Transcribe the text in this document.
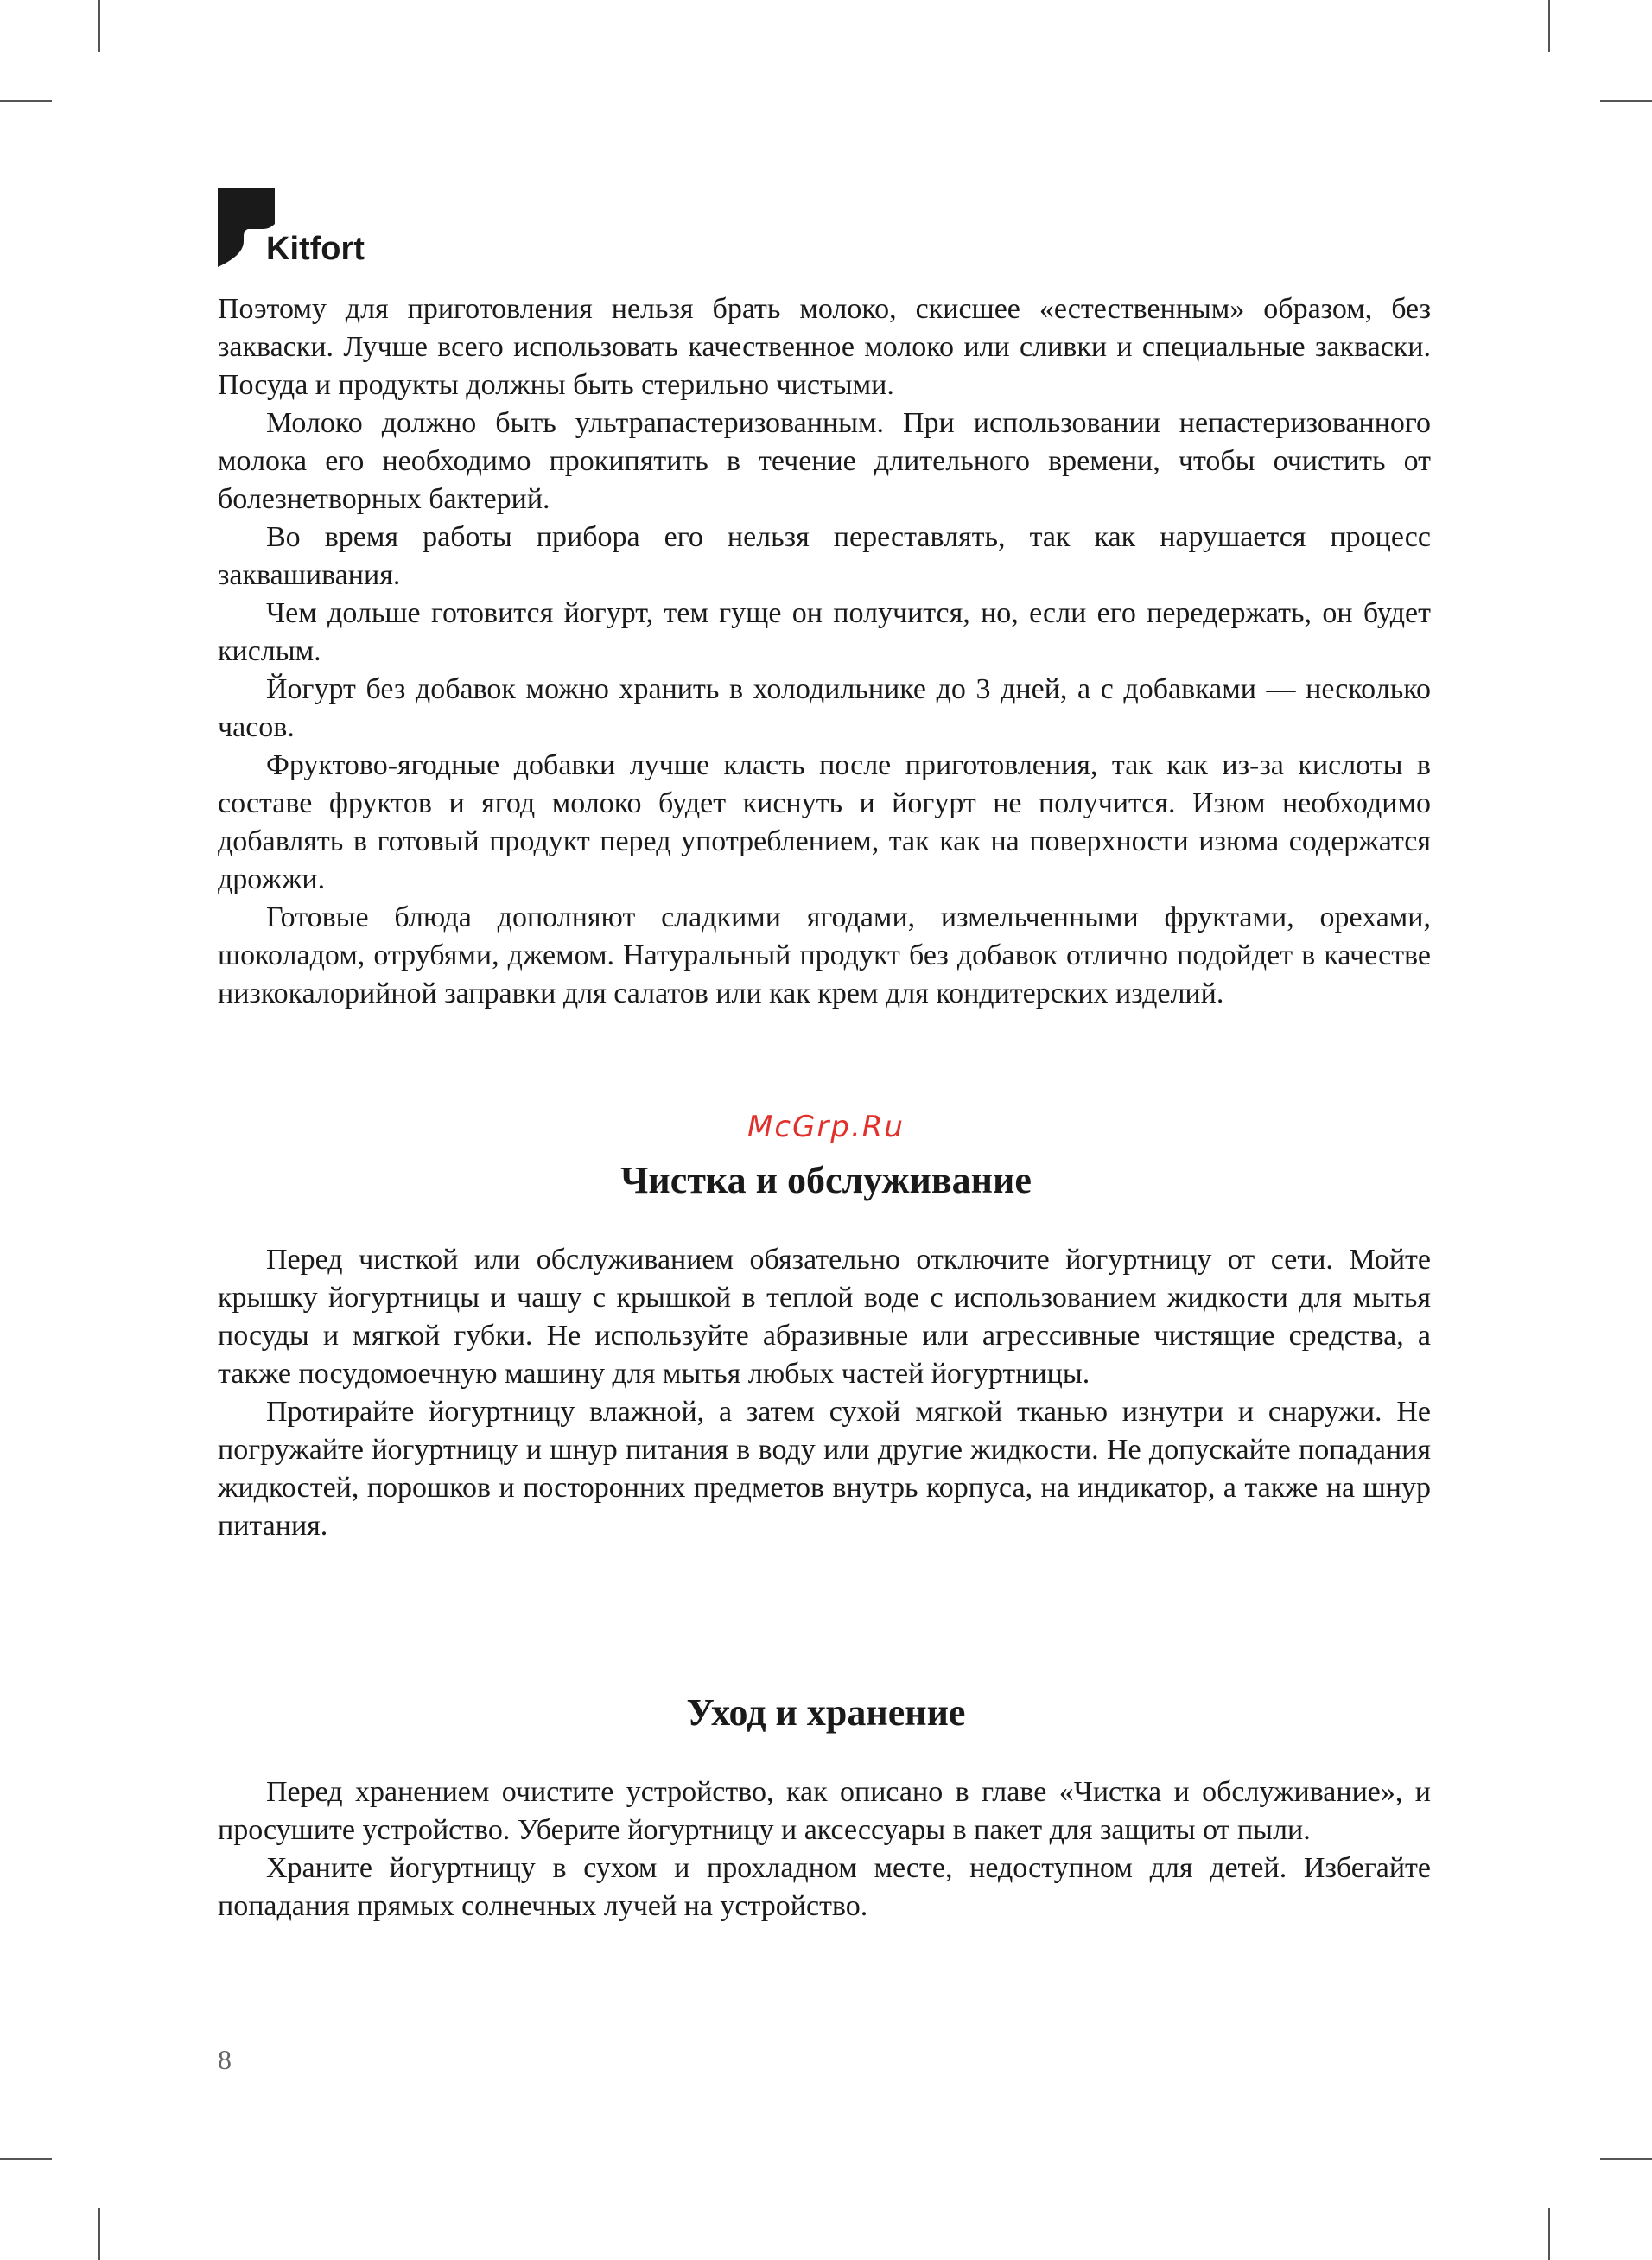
Kitfort

Поэтому для приготовления нельзя брать молоко, скисшее «естественным» образом, без закваски. Лучше всего использовать качественное молоко или сливки и специальные закваски. Посуда и продукты должны быть стерильно чистыми.

Молоко должно быть ультрапастеризованным. При использовании непастеризованного молока его необходимо прокипятить в течение длительного времени, чтобы очистить от болезнетворных бактерий.

Во время работы прибора его нельзя переставлять, так как нарушается процесс заквашивания.

Чем дольше готовится йогурт, тем гуще он получится, но, если его передержать, он будет кислым.

Йогурт без добавок можно хранить в холодильнике до 3 дней, а с добавками — несколько часов.

Фруктово-ягодные добавки лучше класть после приготовления, так как из-за кислоты в составе фруктов и ягод молоко будет киснуть и йогурт не получится. Изюм необходимо добавлять в готовый продукт перед употреблением, так как на поверхности изюма содержатся дрожжи.

Готовые блюда дополняют сладкими ягодами, измельченными фруктами, орехами, шоколадом, отрубями, джемом. Натуральный продукт без добавок отлично подойдет в качестве низкокалорийной заправки для салатов или как крем для кондитерских изделий.

McGrp.Ru
Чистка и обслуживание

Перед чисткой или обслуживанием обязательно отключите йогуртницу от сети. Мойте крышку йогуртницы и чашу с крышкой в теплой воде с использованием жидкости для мытья посуды и мягкой губки. Не используйте абразивные или агрессивные чистящие средства, а также посудомоечную машину для мытья любых частей йогуртницы.

Протирайте йогуртницу влажной, а затем сухой мягкой тканью изнутри и снаружи. Не погружайте йогуртницу и шнур питания в воду или другие жидкости. Не допускайте попадания жидкостей, порошков и посторонних предметов внутрь корпуса, на индикатор, а также на шнур питания.

Уход и хранение

Перед хранением очистите устройство, как описано в главе «Чистка и обслуживание», и просушите устройство. Уберите йогуртницу и аксессуары в пакет для защиты от пыли.

Храните йогуртницу в сухом и прохладном месте, недоступном для детей. Избегайте попадания прямых солнечных лучей на устройство.

8
